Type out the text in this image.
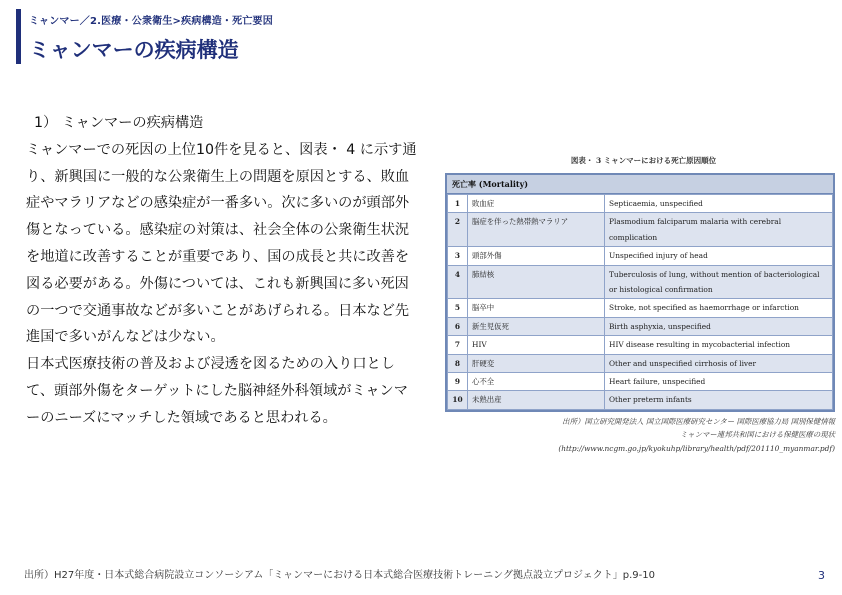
ミャンマー／2.医療・公衆衛生>疾病構造・死亡要因
ミャンマーの疾病構造
1） ミャンマーの疾病構造
ミャンマーでの死因の上位10件を見ると、図表・ 4 に示す通り、新興国に一般的な公衆衛生上の問題を原因とする、敗血症やマラリアなどの感染症が一番多い。次に多いのが頭部外傷となっている。感染症の対策は、社会全体の公衆衛生状況を地道に改善することが重要であり、国の成長と共に改善を図る必要がある。外傷については、これも新興国に多い死因の一つで交通事故などが多いことがあげられる。日本など先進国で多いがんなどは少ない。
日本式医療技術の普及および浸透を図るための入り口として、頭部外傷をターゲットにした脳神経外科領域がミャンマーのニーズにマッチした領域であると思われる。
図表・ 3 ミャンマーにおける死亡原因順位
死亡率 (Mortality)
1	敗血症	Septicaemia, unspecified
2	脳症を伴った熱帯熱マラリア	Plasmodium falciparum malaria with cerebral complication
3	頭部外傷	Unspecified injury of head
4	肺結核	Tuberculosis of lung, without mention of bacteriological or histological confirmation
5	脳卒中	Stroke, not specified as haemorrhage or infarction
6	新生児仮死	Birth asphyxia, unspecified
7	HIV	HIV disease resulting in mycobacterial infection
8	肝硬変	Other and unspecified cirrhosis of liver
9	心不全	Heart failure, unspecified
10	未熟出産	Other preterm infants
出所）国立研究開発法人 国立国際医療研究センター 国際医療協力局 国別保健情報
ミャンマー連邦共和国における保健医療の現状
(http://www.ncgm.go.jp/kyokuhp/library/health/pdf/201110_myanmar.pdf)
出所）H27年度・日本式総合病院設立コンソーシアム「ミャンマーにおける日本式総合医療技術トレーニング拠点設立プロジェクト」p.9-10	3
